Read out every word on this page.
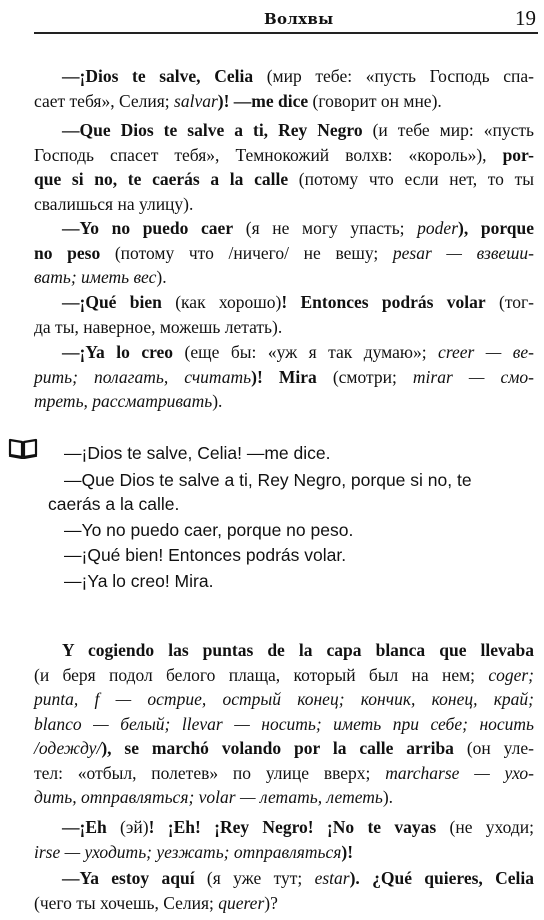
Волхвы	19
—¡Dios te salve, Celia (мир тебе: «пусть Господь спа-
сает тебя», Селия; salvar)! —me dice (говорит он мне).
—Que Dios te salve a ti, Rey Negro (и тебе мир: «пусть
Господь спасет тебя», Темнокожий волхв: «король»), por-
que si no, te caerás a la calle (потому что если нет, то ты
свалишься на улицу).
—Yo no puedo caer (я не могу упасть; poder), porque
no peso (потому что /ничего/ не вешу; pesar — взвеши-
вать; иметь вес).
—¡Qué bien (как хорошо)! Entonces podrás volar (тог-
да ты, наверное, можешь летать).
—¡Ya lo creo (еще бы: «уж я так думаю»; creer — ве-
рить; полагать, считать)! Mira (смотри; mirar — смо-
треть, рассматривать).
—¡Dios te salve, Celia! —me dice.
—Que Dios te salve a ti, Rey Negro, porque si no, te
caerás a la calle.
—Yo no puedo caer, porque no peso.
—¡Qué bien! Entonces podrás volar.
—¡Ya lo creo! Mira.
Y cogiendo las puntas de la capa blanca que llevaba
(и беря подол белого плаща, который был на нем; coger;
punta, f — острие, острый конец; кончик, конец, край;
blanco — белый; llevar — носить; иметь при себе; носить
/одежду/), se marchó volando por la calle arriba (он уле-
тел: «отбыл, полетев» по улице вверх; marcharse — ухо-
дить, отправляться; volar — летать, лететь).
—¡Eh (эй)! ¡Eh! ¡Rey Negro! ¡No te vayas (не уходи;
irse — уходить; уезжать; отправляться)!
—Ya estoy aquí (я уже тут; estar). ¿Qué quieres, Celia
(чего ты хочешь, Селия; querer)?
